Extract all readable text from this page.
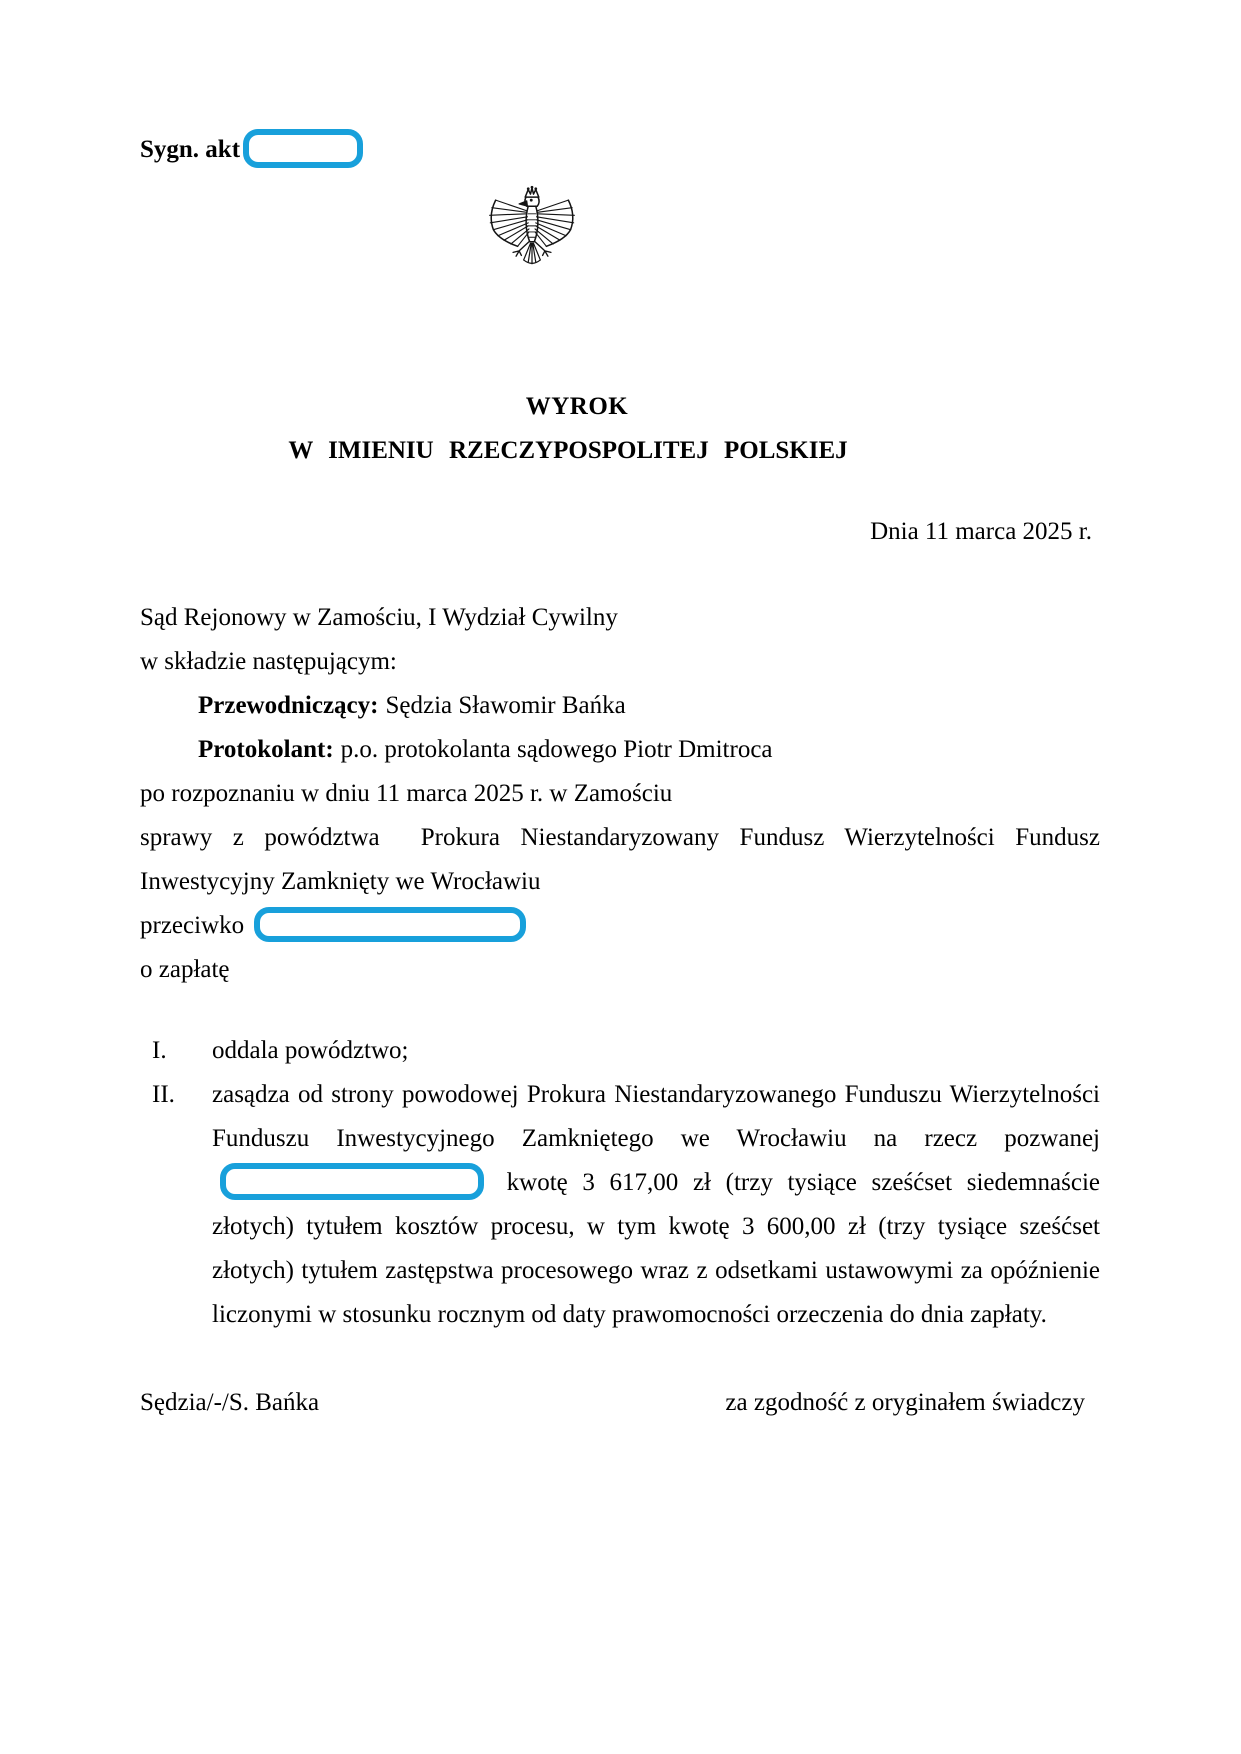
Sygn. akt
WYROK
W IMIENIU RZECZYPOSPOLITEJ POLSKIEJ
Dnia 11 marca 2025 r.
Sąd Rejonowy w Zamościu, I Wydział Cywilny
w składzie następującym:
Przewodniczący: Sędzia Sławomir Bańka
Protokolant: p.o. protokolanta sądowego Piotr Dmitroca
po rozpoznaniu w dniu 11 marca 2025 r. w Zamościu
sprawy z powództwa  Prokura Niestandaryzowany Fundusz Wierzytelności Fundusz Inwestycyjny Zamknięty we Wrocławiu
przeciwko
o zapłatę
I. oddala powództwo;
II. zasądza od strony powodowej Prokura Niestandaryzowanego Funduszu Wierzytelności Funduszu Inwestycyjnego Zamkniętego we Wrocławiu na rzecz pozwanej  kwotę 3 617,00 zł (trzy tysiące sześćset siedemnaście złotych) tytułem kosztów procesu, w tym kwotę 3 600,00 zł (trzy tysiące sześćset złotych) tytułem zastępstwa procesowego wraz z odsetkami ustawowymi za opóźnienie liczonymi w stosunku rocznym od daty prawomocności orzeczenia do dnia zapłaty.
Sędzia/-/S. Bańka	za zgodność z oryginałem świadczy
